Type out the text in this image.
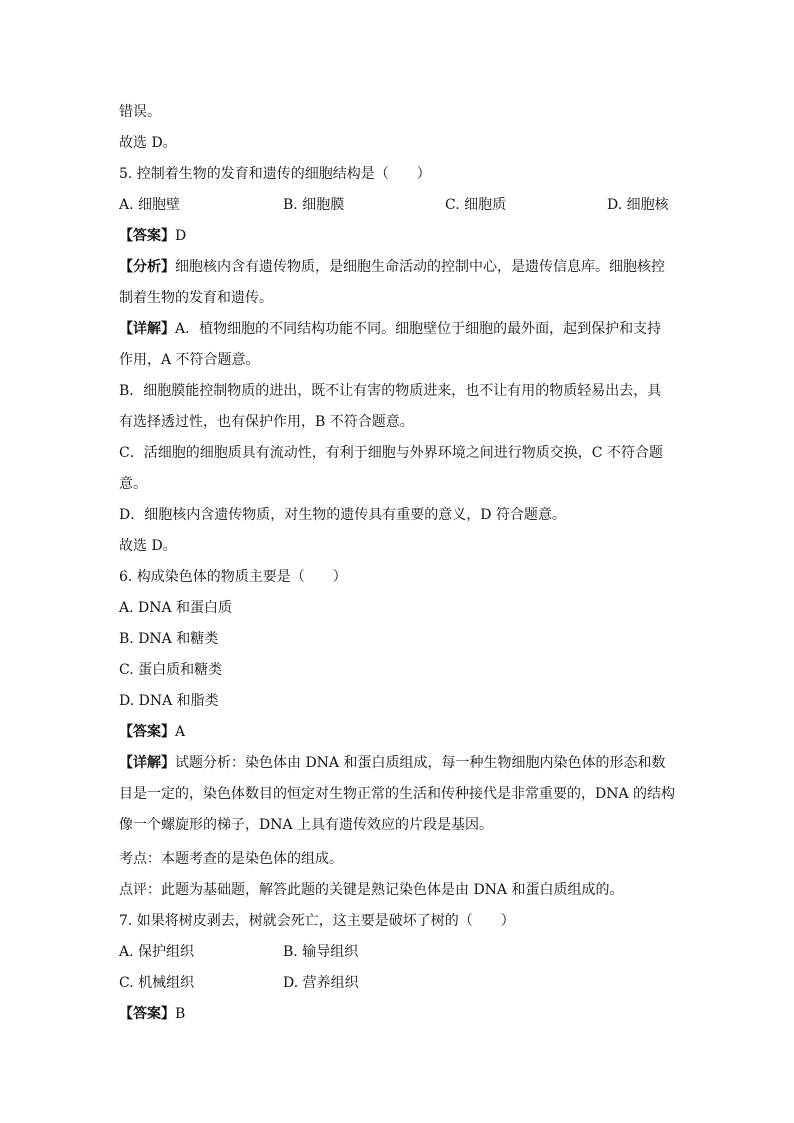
错误。
故选 D。
5. 控制着生物的发育和遗传的细胞结构是（　　）
A. 细胞壁	B. 细胞膜	C. 细胞质	D. 细胞核
【答案】D
【分析】细胞核内含有遗传物质，是细胞生命活动的控制中心，是遗传信息库。细胞核控
制着生物的发育和遗传。
【详解】A．植物细胞的不同结构功能不同。细胞壁位于细胞的最外面，起到保护和支持
作用，A 不符合题意。
B．细胞膜能控制物质的进出，既不让有害的物质进来，也不让有用的物质轻易出去，具
有选择透过性，也有保护作用，B 不符合题意。
C．活细胞的细胞质具有流动性，有利于细胞与外界环境之间进行物质交换，C 不符合题
意。
D．细胞核内含遗传物质，对生物的遗传具有重要的意义，D 符合题意。
故选 D。
6. 构成染色体的物质主要是（　　）
A. DNA 和蛋白质
B. DNA 和糖类
C. 蛋白质和糖类
D. DNA 和脂类
【答案】A
【详解】试题分析：染色体由 DNA 和蛋白质组成，每一种生物细胞内染色体的形态和数
目是一定的，染色体数目的恒定对生物正常的生活和传种接代是非常重要的，DNA 的结构
像一个螺旋形的梯子，DNA 上具有遗传效应的片段是基因。
考点：本题考查的是染色体的组成。
点评：此题为基础题，解答此题的关键是熟记染色体是由 DNA 和蛋白质组成的。
7. 如果将树皮剥去，树就会死亡，这主要是破坏了树的（　　）
A. 保护组织	B. 输导组织
C. 机械组织	D. 营养组织
【答案】B
